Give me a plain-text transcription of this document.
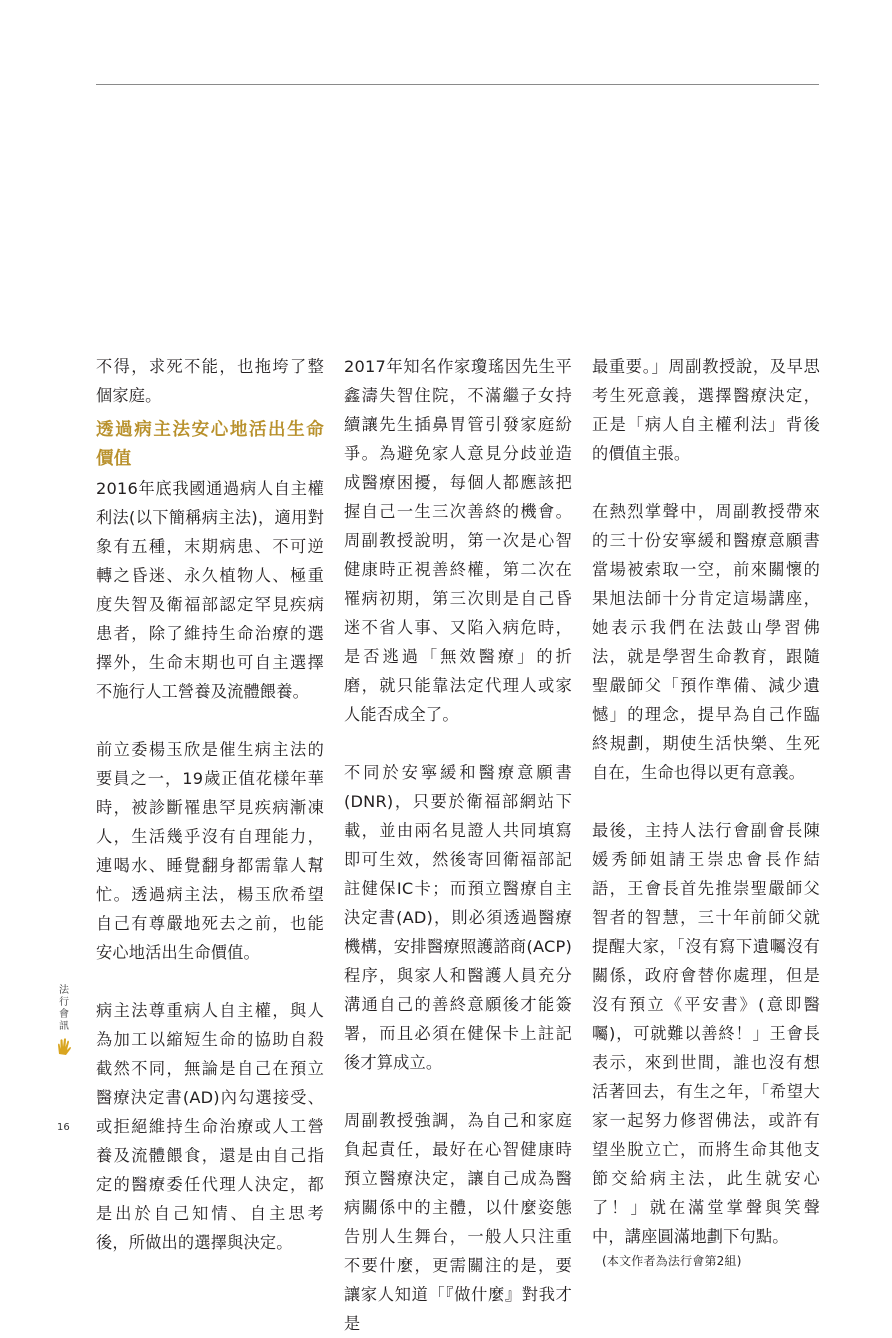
不得，求死不能，也拖垮了整個家庭。

透過病主法安心地活出生命價值

2016年底我國通過病人自主權利法(以下簡稱病主法)，適用對象有五種，末期病患、不可逆轉之昏迷、永久植物人、極重度失智及衛福部認定罕見疾病患者，除了維持生命治療的選擇外，生命末期也可自主選擇不施行人工營養及流體餵養。

前立委楊玉欣是催生病主法的要員之一，19歲正值花樣年華時，被診斷罹患罕見疾病漸凍人，生活幾乎沒有自理能力，連喝水、睡覺翻身都需靠人幫忙。透過病主法，楊玉欣希望自己有尊嚴地死去之前，也能安心地活出生命價值。

病主法尊重病人自主權，與人為加工以縮短生命的協助自殺截然不同，無論是自己在預立醫療決定書(AD)內勾選接受、或拒絕維持生命治療或人工營養及流體餵食，還是由自己指定的醫療委任代理人決定，都是出於自己知情、自主思考後，所做出的選擇與決定。

2017年知名作家瓊瑤因先生平鑫濤失智住院，不滿繼子女持續讓先生插鼻胃管引發家庭紛爭。為避免家人意見分歧並造成醫療困擾，每個人都應該把握自己一生三次善終的機會。周副教授說明，第一次是心智健康時正視善終權，第二次在罹病初期，第三次則是自己昏迷不省人事、又陷入病危時，是否逃過「無效醫療」的折磨，就只能靠法定代理人或家人能否成全了。

不同於安寧緩和醫療意願書(DNR)，只要於衛福部網站下載，並由兩名見證人共同填寫即可生效，然後寄回衛福部記註健保IC卡；而預立醫療自主決定書(AD)，則必須透過醫療機構，安排醫療照護諮商(ACP)程序，與家人和醫護人員充分溝通自己的善終意願後才能簽署，而且必須在健保卡上註記後才算成立。

周副教授強調，為自己和家庭負起責任，最好在心智健康時預立醫療決定，讓自己成為醫病關係中的主體，以什麼姿態告別人生舞台，一般人只注重不要什麼，更需關注的是，要讓家人知道「『做什麼』對我才是

最重要。」周副教授說，及早思考生死意義，選擇醫療決定，正是「病人自主權利法」背後的價值主張。

在熱烈掌聲中，周副教授帶來的三十份安寧緩和醫療意願書當場被索取一空，前來關懷的果旭法師十分肯定這場講座，她表示我們在法鼓山學習佛法，就是學習生命教育，跟隨聖嚴師父「預作準備、減少遺憾」的理念，提早為自己作臨終規劃，期使生活快樂、生死自在，生命也得以更有意義。

最後，主持人法行會副會長陳媛秀師姐請王崇忠會長作結語，王會長首先推崇聖嚴師父智者的智慧，三十年前師父就提醒大家，「沒有寫下遺囑沒有關係，政府會替你處理，但是沒有預立《平安書》(意即醫囑)，可就難以善終！」王會長表示，來到世間，誰也沒有想活著回去，有生之年，「希望大家一起努力修習佛法，或許有望坐脫立亡，而將生命其他支節交給病主法，此生就安心了！」就在滿堂掌聲與笑聲中，講座圓滿地劃下句點。

(本文作者為法行會第2組)

法行會訊
16
